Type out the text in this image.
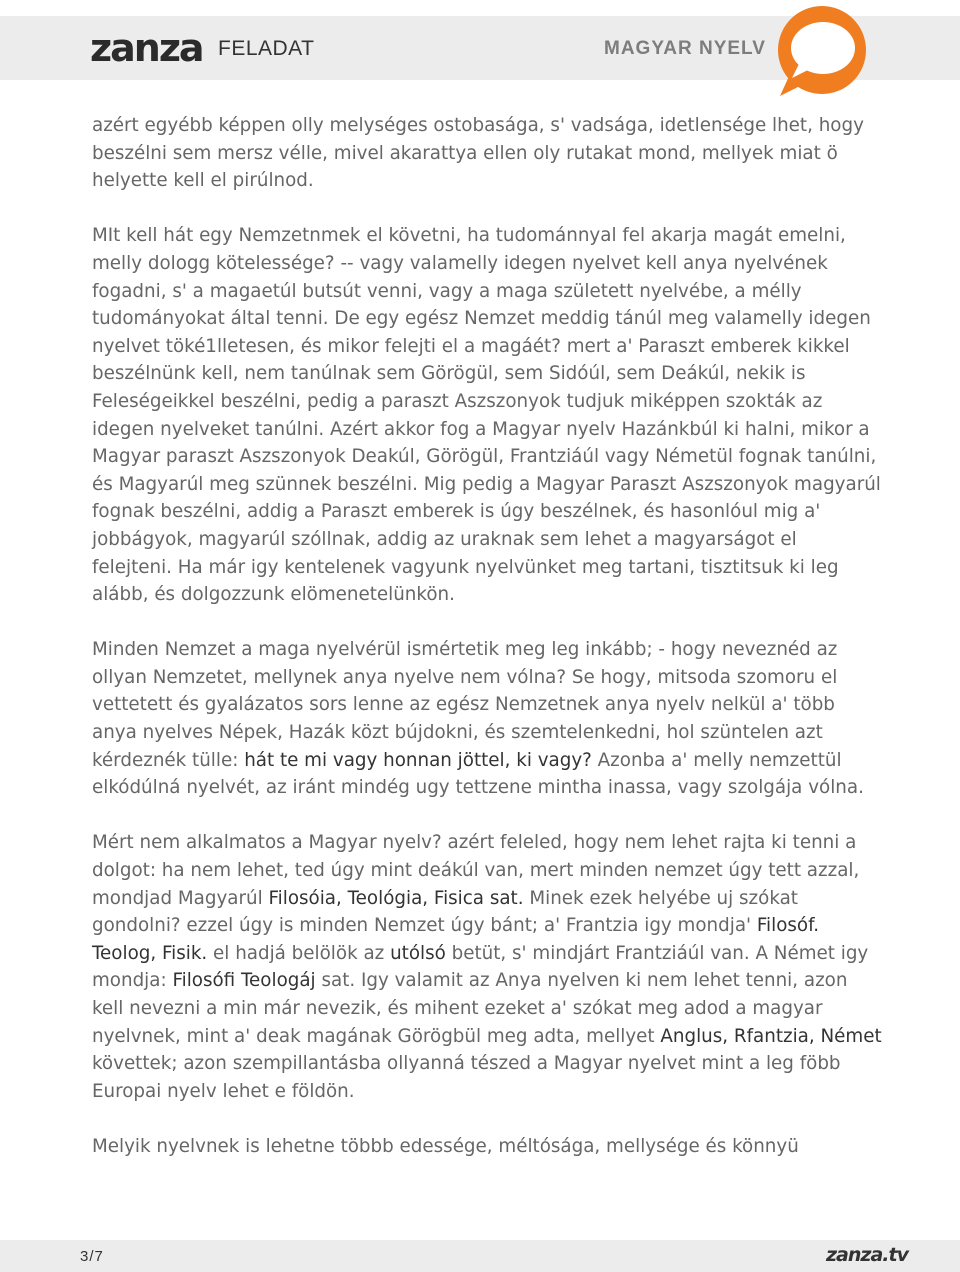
zanza FELADAT	MAGYAR NYELV

azért egyébb képpen olly melységes ostobasága, s' vadsága, idetlensége lhet, hogy beszélni sem mersz vélle, mivel akarattya ellen oly rutakat mond, mellyek miat ö helyette kell el pirúlnod.

MIt kell hát egy Nemzetnmek el követni, ha tudománnyal fel akarja magát emelni, melly dologg kötelessége? -- vagy valamelly idegen nyelvet kell anya nyelvének fogadni, s' a magaetúl butsút venni, vagy a maga született nyelvébe, a mélly tudományokat által tenni. De egy egész Nemzet meddig tánúl meg valamelly idegen nyelvet töké1lletesen, és mikor felejti el a magáét? mert a' Paraszt emberek kikkel beszélnünk kell, nem tanúlnak sem Görögül, sem Sidóúl, sem Deákúl, nekik is Feleségeikkel beszélni, pedig a paraszt Aszszonyok tudjuk miképpen szokták az idegen nyelveket tanúlni. Azért akkor fog a Magyar nyelv Hazánkbúl ki halni, mikor a Magyar paraszt Aszszonyok Deakúl, Görögül, Frantziáúl vagy Németül fognak tanúlni, és Magyarúl meg szünnek beszélni. Mig pedig a Magyar Paraszt Aszszonyok magyarúl fognak beszélni, addig a Paraszt emberek is úgy beszélnek, és hasonlóul mig a' jobbágyok, magyarúl szóllnak, addig az uraknak sem lehet a magyarságot el felejteni. Ha már igy kentelenek vagyunk nyelvünket meg tartani, tisztitsuk ki leg alább, és dolgozzunk elömenetelünkön.

Minden Nemzet a maga nyelvérül ismértetik meg leg inkább; - hogy neveznéd az ollyan Nemzetet, mellynek anya nyelve nem vólna? Se hogy, mitsoda szomoru el vettetett és gyalázatos sors lenne az egész Nemzetnek anya nyelv nelkül a' több anya nyelves Népek, Hazák közt bújdokni, és szemtelenkedni, hol szüntelen azt kérdeznék tülle: hát te mi vagy honnan jöttel, ki vagy? Azonba a' melly nemzettül elkódúlná nyelvét, az iránt mindég ugy tettzene mintha inassa, vagy szolgája vólna.

Mért nem alkalmatos a Magyar nyelv? azért feleled, hogy nem lehet rajta ki tenni a dolgot: ha nem lehet, ted úgy mint deákúl van, mert minden nemzet úgy tett azzal, mondjad Magyarúl Filosóia, Teológia, Fisica sat. Minek ezek helyébe uj szókat gondolni? ezzel úgy is minden Nemzet úgy bánt; a' Frantzia igy mondja' Filosóf. Teolog, Fisik. el hadjá belölök az utólsó betüt, s' mindjárt Frantziáúl van. A Német igy mondja: Filosófi Teologáj sat. Igy valamit az Anya nyelven ki nem lehet tenni, azon kell nevezni a min már nevezik, és mihent ezeket a' szókat meg adod a magyar nyelvnek, mint a' deak magának Görögbül meg adta, mellyet Anglus, Rfantzia, Német követtek; azon szempillantásba ollyanná tészed a Magyar nyelvet mint a leg föbb Europai nyelv lehet e földön.

Melyik nyelvnek is lehetne többb edessége, méltósága, mellysége és könnyü

3/7	zanza.tv
